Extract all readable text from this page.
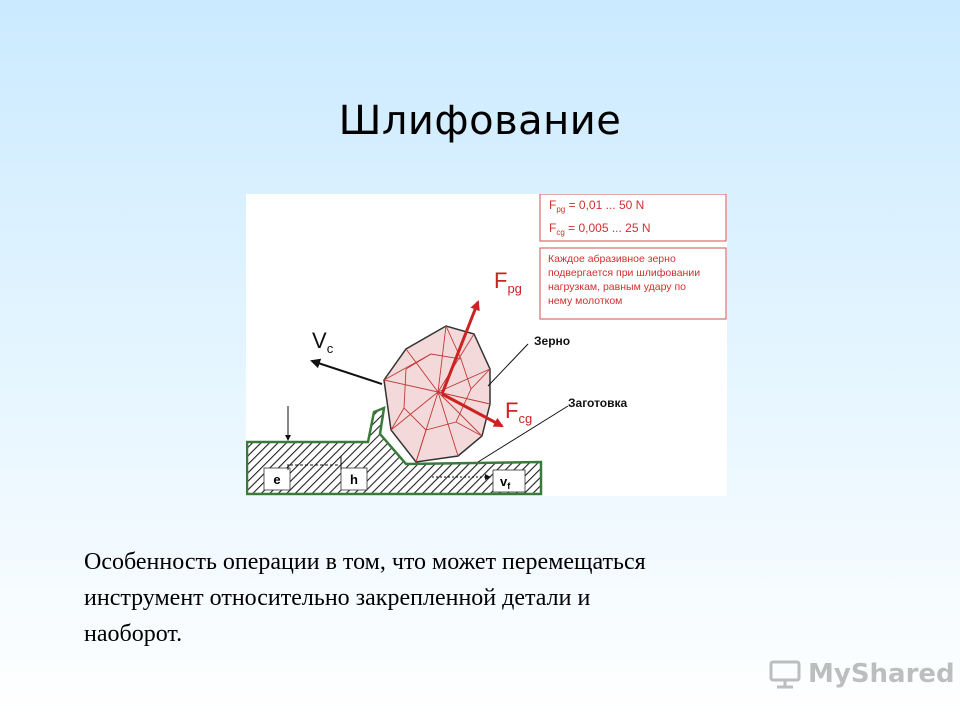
Шлифование
$F_{pg} = 0,01$ ... 50 N
$F_{cg} = 0,005$ ... 25 N
Каждое абразивное зерно подвергается при шлифовании нагрузкам, равным удару по нему молотком
e	h	$v_f$
$F_{pg}$
$F_{cg}$
$V_c$	Зерно
Заготовка
Особенность операции в том, что может перемещаться
инструмент относительно закрепленной детали и
наоборот.
MyShared
